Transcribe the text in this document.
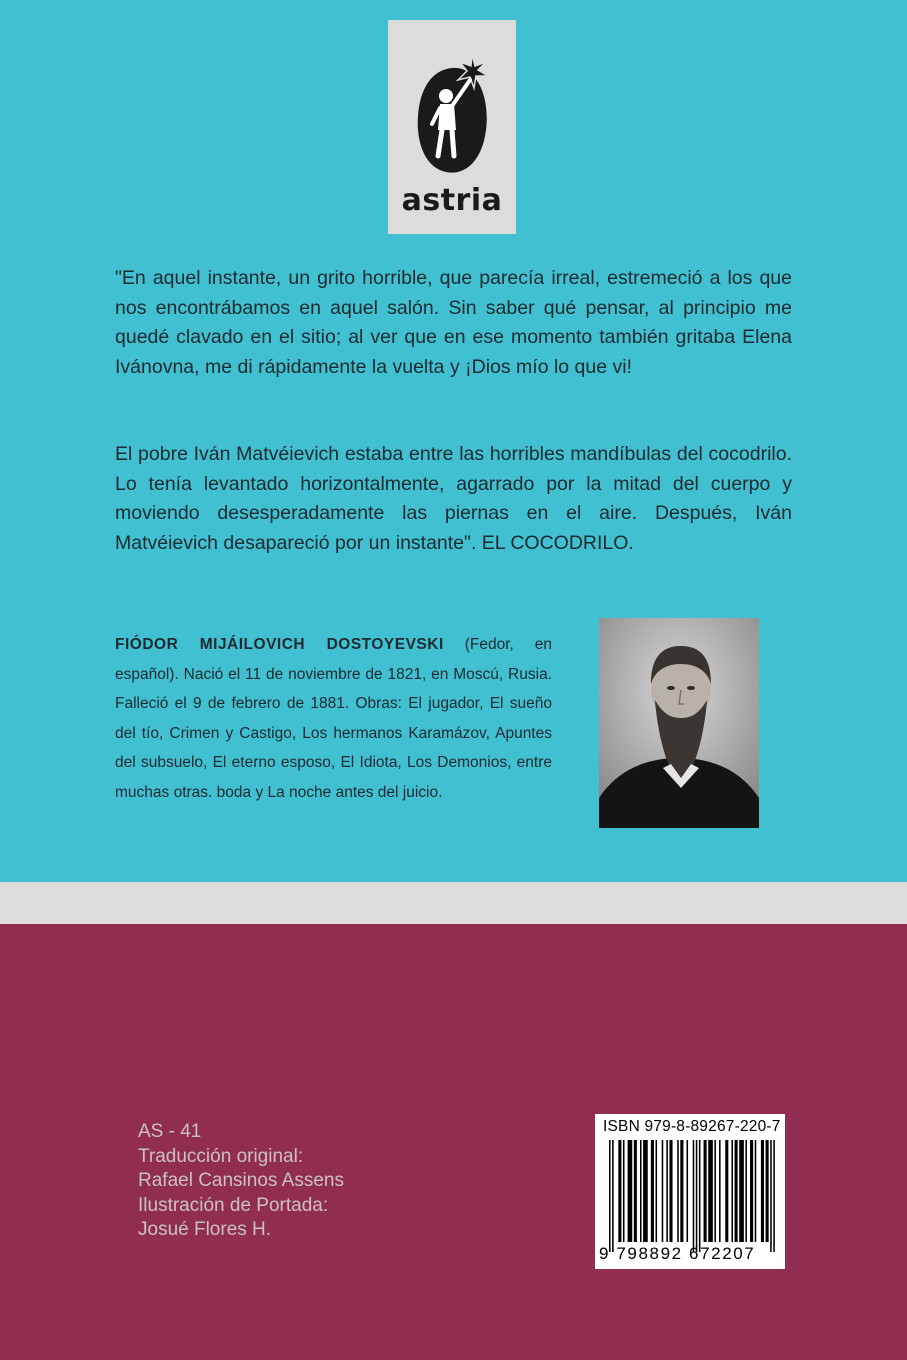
astria

"En aquel instante, un grito horrible, que parecía irreal, estremeció a los que nos encontrábamos en aquel salón. Sin saber qué pensar, al principio me quedé clavado en el sitio; al ver que en ese momento también gritaba Elena Ivánovna, me di rápidamente la vuelta y ¡Dios mío lo que vi!

El pobre Iván Matvéievich estaba entre las horribles mandíbulas del cocodrilo. Lo tenía levantado horizontalmente, agarrado por la mitad del cuerpo y moviendo desesperadamente las piernas en el aire. Después, Iván Matvéievich desapareció por un instante". EL COCODRILO.

FIÓDOR MIJÁILOVICH DOSTOYEVSKI (Fedor, en español). Nació el 11 de noviembre de 1821, en Moscú, Rusia. Falleció el 9 de febrero de 1881. Obras: El jugador, El sueño del tío, Crimen y Castigo, Los hermanos Karamázov, Apuntes del subsuelo, El eterno esposo, El Idiota, Los Demonios, entre muchas otras. boda y La noche antes del juicio.

AS - 41
Traducción original:
Rafael Cansinos Assens
Ilustración de Portada:
Josué Flores H.
ISBN 979-8-89267-220-7
9 798892 672207
